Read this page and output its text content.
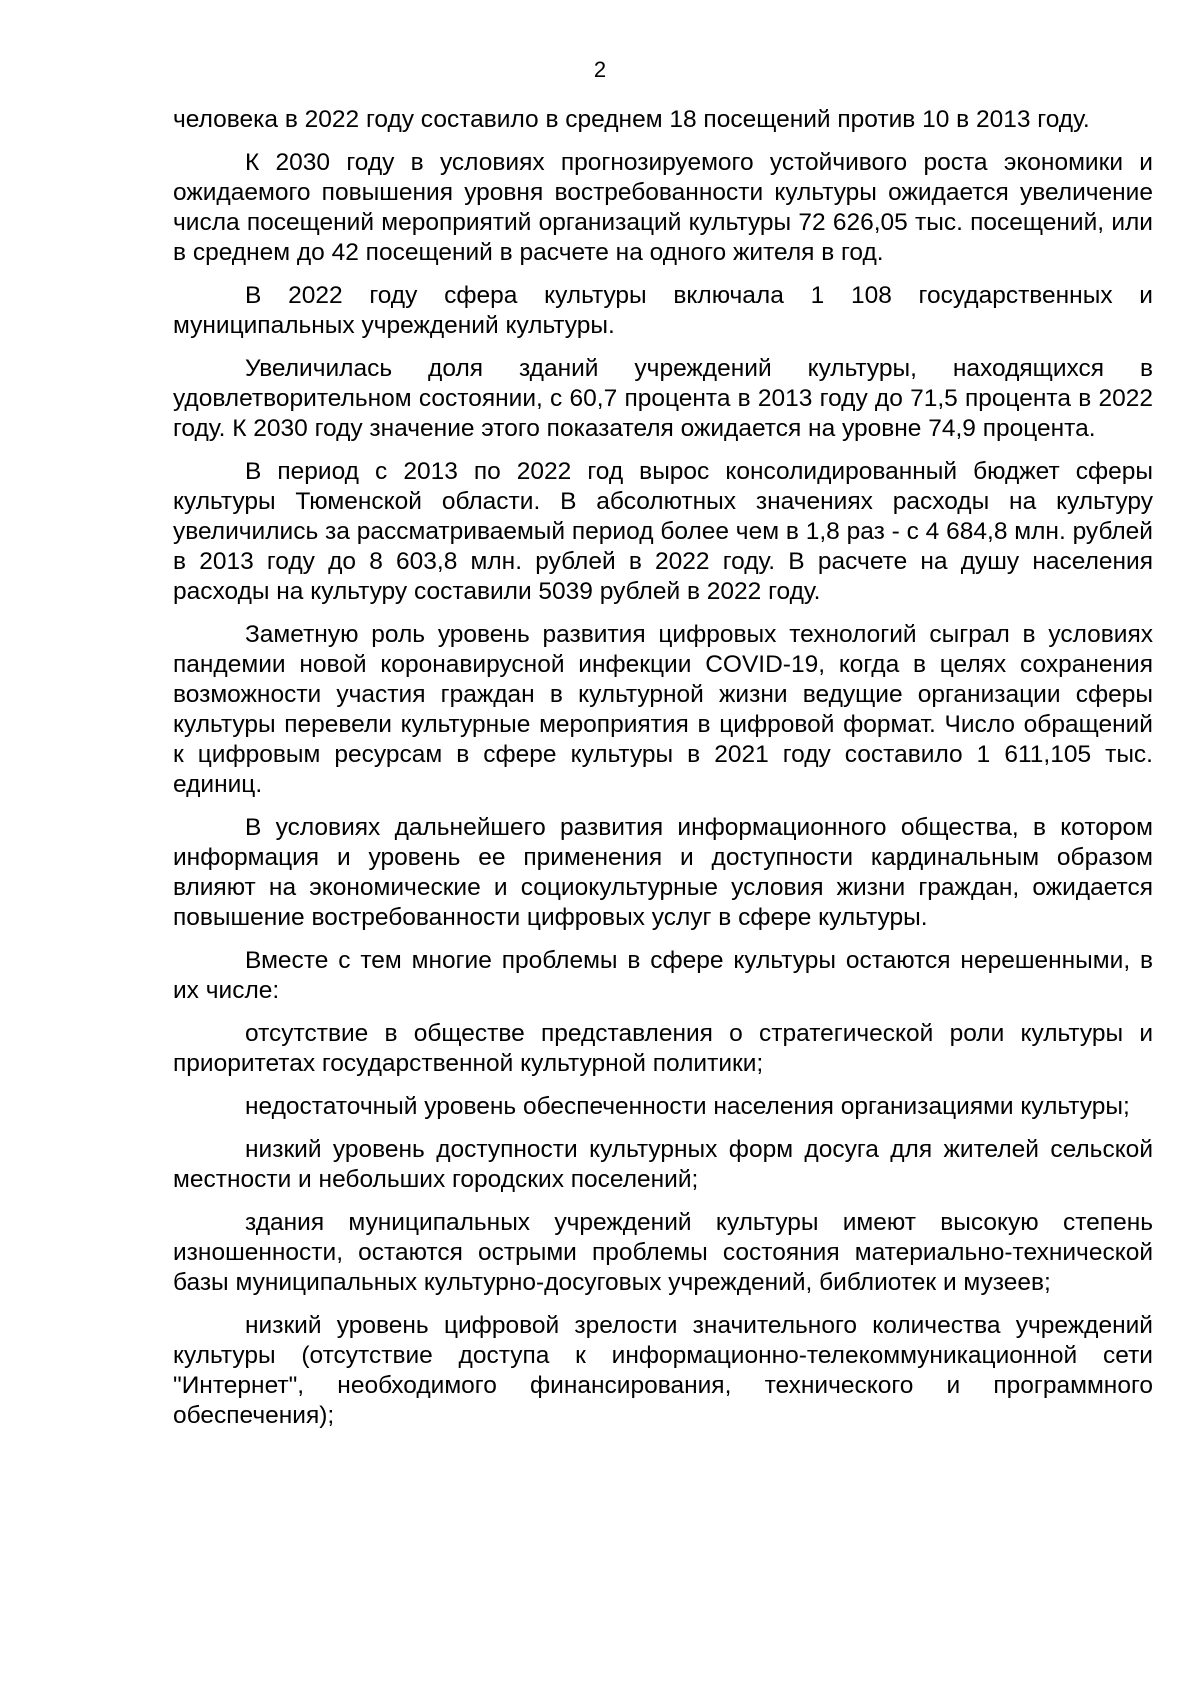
2

человека в 2022 году составило в среднем 18 посещений против 10 в 2013 году.

К 2030 году в условиях прогнозируемого устойчивого роста экономики и ожидаемого повышения уровня востребованности культуры ожидается увеличение числа посещений мероприятий организаций культуры 72 626,05 тыс. посещений, или в среднем до 42 посещений в расчете на одного жителя в год.

В 2022 году сфера культуры включала 1 108 государственных и муниципальных учреждений культуры.

Увеличилась доля зданий учреждений культуры, находящихся в удовлетворительном состоянии, с 60,7 процента в 2013 году до 71,5 процента в 2022 году. К 2030 году значение этого показателя ожидается на уровне 74,9 процента.

В период с 2013 по 2022 год вырос консолидированный бюджет сферы культуры Тюменской области. В абсолютных значениях расходы на культуру увеличились за рассматриваемый период более чем в 1,8 раз - с 4 684,8 млн. рублей в 2013 году до 8 603,8 млн. рублей в 2022 году. В расчете на душу населения расходы на культуру составили 5039 рублей в 2022 году.

Заметную роль уровень развития цифровых технологий сыграл в условиях пандемии новой коронавирусной инфекции COVID-19, когда в целях сохранения возможности участия граждан в культурной жизни ведущие организации сферы культуры перевели культурные мероприятия в цифровой формат. Число обращений к цифровым ресурсам в сфере культуры в 2021 году составило 1 611,105 тыс. единиц.

В условиях дальнейшего развития информационного общества, в котором информация и уровень ее применения и доступности кардинальным образом влияют на экономические и социокультурные условия жизни граждан, ожидается повышение востребованности цифровых услуг в сфере культуры.

Вместе с тем многие проблемы в сфере культуры остаются нерешенными, в их числе:

отсутствие в обществе представления о стратегической роли культуры и приоритетах государственной культурной политики;

недостаточный уровень обеспеченности населения организациями культуры;

низкий уровень доступности культурных форм досуга для жителей сельской местности и небольших городских поселений;

здания муниципальных учреждений культуры имеют высокую степень изношенности, остаются острыми проблемы состояния материально-технической базы муниципальных культурно-досуговых учреждений, библиотек и музеев;

низкий уровень цифровой зрелости значительного количества учреждений культуры (отсутствие доступа к информационно-телекоммуникационной сети "Интернет", необходимого финансирования, технического и программного обеспечения);
